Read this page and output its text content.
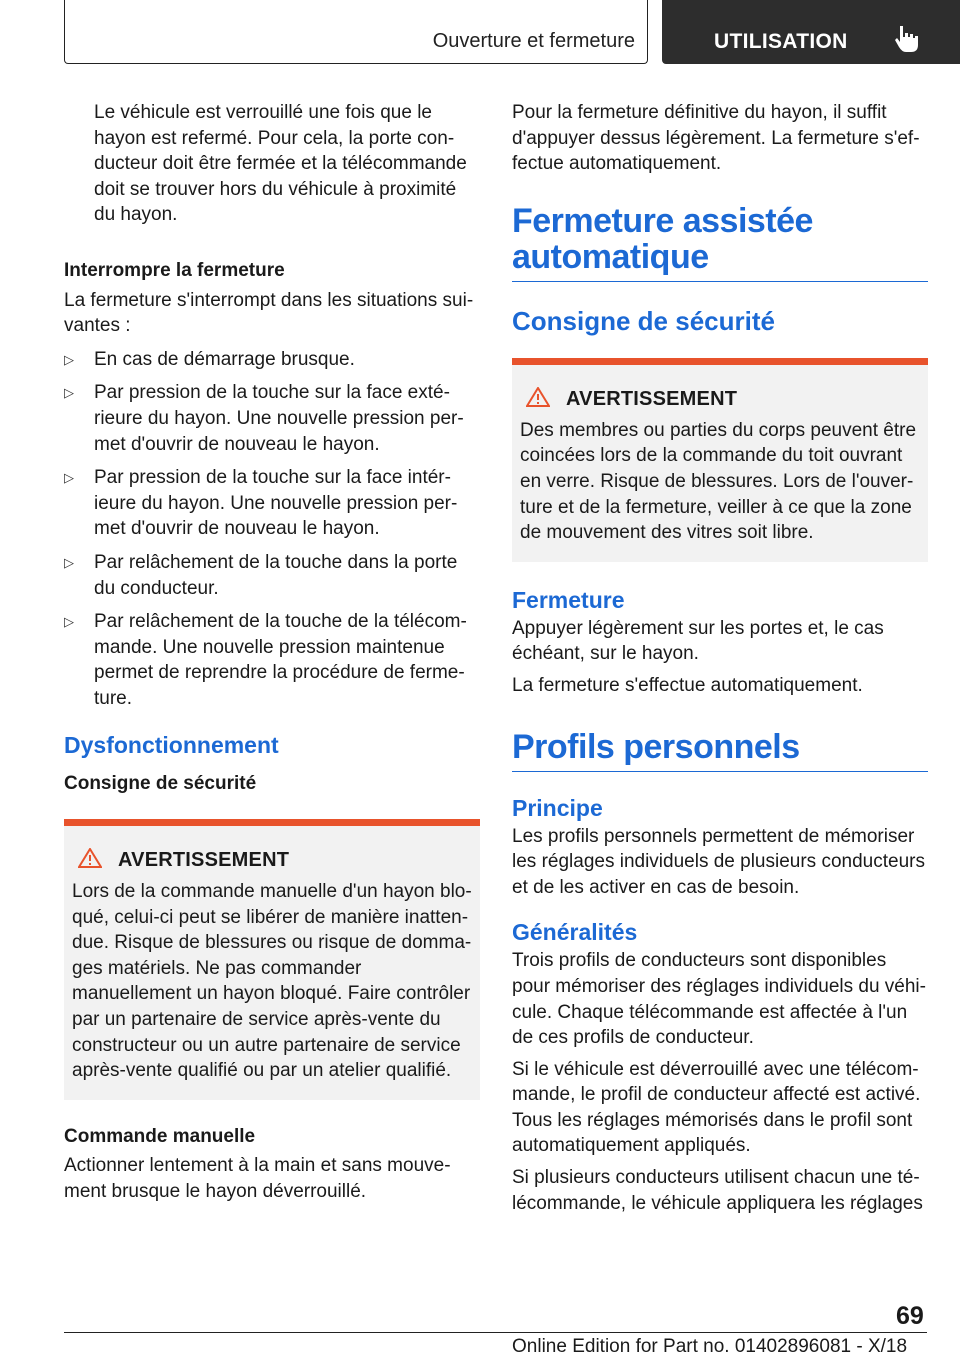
Ouverture et fermeture	UTILISATION

Le véhicule est verrouillé une fois que le hayon est refermé. Pour cela, la porte conducteur doit être fermée et la télécommande doit se trouver hors du véhicule à proximité du hayon.

Interrompre la fermeture

La fermeture s'interrompt dans les situations suivantes :

▷ En cas de démarrage brusque.
▷ Par pression de la touche sur la face extérieure du hayon. Une nouvelle pression permet d'ouvrir de nouveau le hayon.
▷ Par pression de la touche sur la face intérieure du hayon. Une nouvelle pression permet d'ouvrir de nouveau le hayon.
▷ Par relâchement de la touche dans la porte du conducteur.
▷ Par relâchement de la touche de la télécommande. Une nouvelle pression maintenue permet de reprendre la procédure de fermeture.
Dysfonctionnement
Consigne de sécurité
AVERTISSEMENT

Lors de la commande manuelle d'un hayon bloqué, celui-ci peut se libérer de manière inattendue. Risque de blessures ou risque de dommages matériels. Ne pas commander manuellement un hayon bloqué. Faire contrôler par un partenaire de service après-vente du constructeur ou un autre partenaire de service après-vente qualifié ou par un atelier qualifié.

Commande manuelle

Actionner lentement à la main et sans mouvement brusque le hayon déverrouillé.

Pour la fermeture définitive du hayon, il suffit d'appuyer dessus légèrement. La fermeture s'effectue automatiquement.

Fermeture assistée automatique
Consigne de sécurité
AVERTISSEMENT

Des membres ou parties du corps peuvent être coincées lors de la commande du toit ouvrant en verre. Risque de blessures. Lors de l'ouverture et de la fermeture, veiller à ce que la zone de mouvement des vitres soit libre.

Fermeture

Appuyer légèrement sur les portes et, le cas échéant, sur le hayon.

La fermeture s'effectue automatiquement.

Profils personnels
Principe

Les profils personnels permettent de mémoriser les réglages individuels de plusieurs conducteurs et de les activer en cas de besoin.

Généralités

Trois profils de conducteurs sont disponibles pour mémoriser des réglages individuels du véhicule. Chaque télécommande est affectée à l'un de ces profils de conducteur.

Si le véhicule est déverrouillé avec une télécommande, le profil de conducteur affecté est activé. Tous les réglages mémorisés dans le profil sont automatiquement appliqués.

Si plusieurs conducteurs utilisent chacun une télécommande, le véhicule appliquera les réglages

69
Online Edition for Part no. 01402896081 - X/18
